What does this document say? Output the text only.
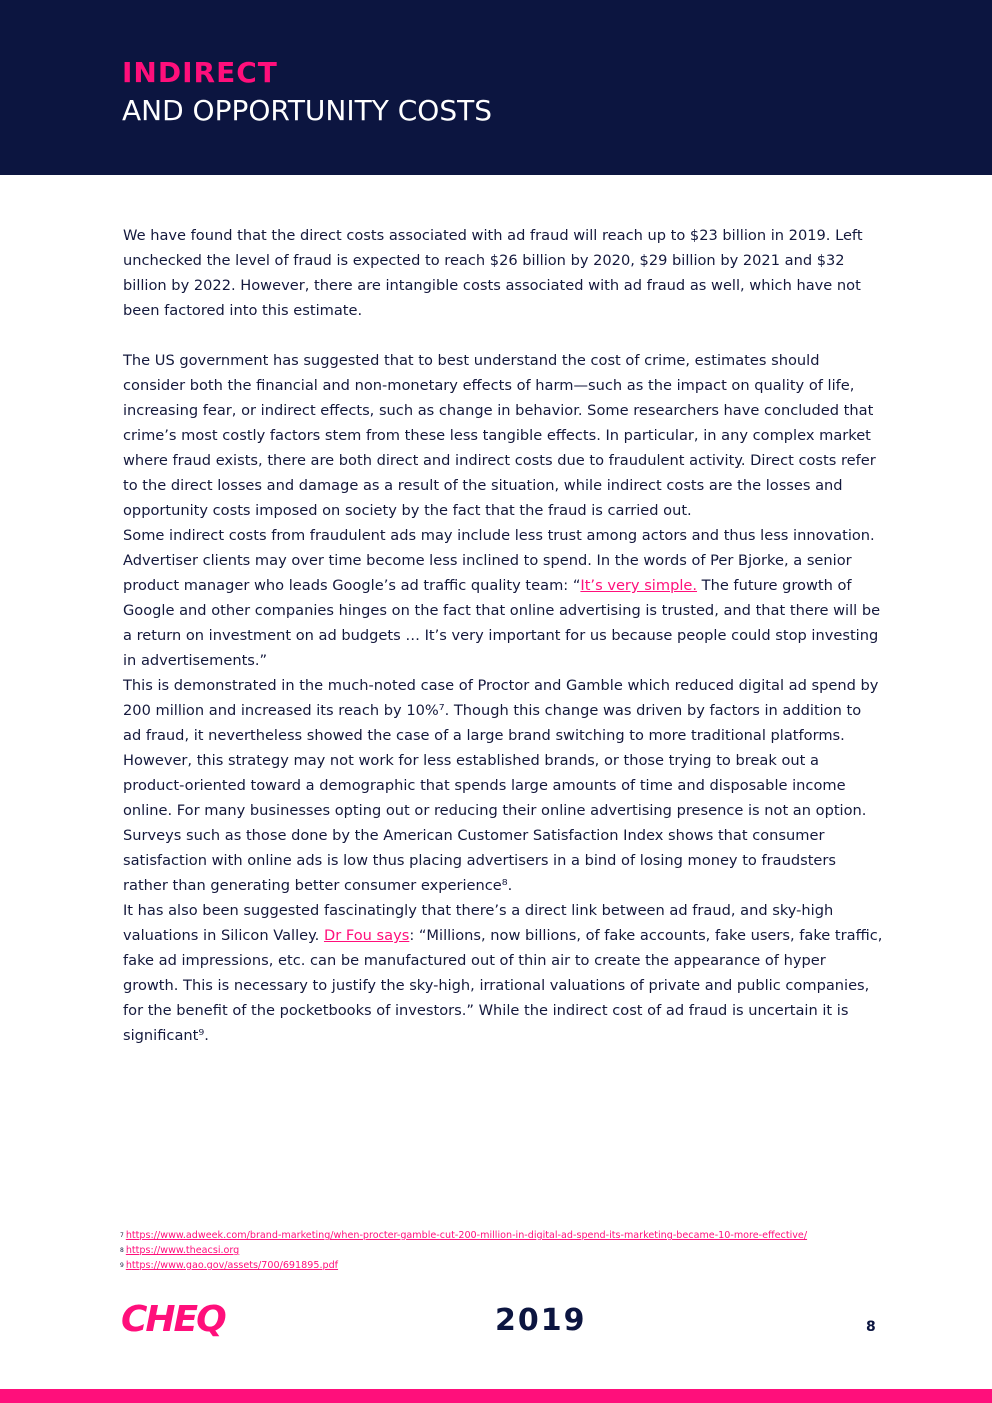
INDIRECT
AND OPPORTUNITY COSTS

We have found that the direct costs associated with ad fraud will reach up to $23 billion in 2019. Left unchecked the level of fraud is expected to reach $26 billion by 2020, $29 billion by 2021 and $32 billion by 2022. However, there are intangible costs associated with ad fraud as well, which have not been factored into this estimate.

The US government has suggested that to best understand the cost of crime, estimates should consider both the financial and non-monetary effects of harm—such as the impact on quality of life, increasing fear, or indirect effects, such as change in behavior. Some researchers have concluded that crime’s most costly factors stem from these less tangible effects. In particular, in any complex market where fraud exists, there are both direct and indirect costs due to fraudulent activity. Direct costs refer to the direct losses and damage as a result of the situation, while indirect costs are the losses and opportunity costs imposed on society by the fact that the fraud is carried out.

Some indirect costs from fraudulent ads may include less trust among actors and thus less innovation. Advertiser clients may over time become less inclined to spend. In the words of Per Bjorke, a senior product manager who leads Google’s ad traffic quality team: “It’s very simple. The future growth of Google and other companies hinges on the fact that online advertising is trusted, and that there will be a return on investment on ad budgets … It’s very important for us because people could stop investing in advertisements.”

This is demonstrated in the much-noted case of Proctor and Gamble which reduced digital ad spend by 200 million and increased its reach by 10%⁷. Though this change was driven by factors in addition to ad fraud, it nevertheless showed the case of a large brand switching to more traditional platforms.

However, this strategy may not work for less established brands, or those trying to break out a product-oriented toward a demographic that spends large amounts of time and disposable income online. For many businesses opting out or reducing their online advertising presence is not an option.

Surveys such as those done by the American Customer Satisfaction Index shows that consumer satisfaction with online ads is low thus placing advertisers in a bind of losing money to fraudsters rather than generating better consumer experience⁸.

It has also been suggested fascinatingly that there’s a direct link between ad fraud, and sky-high valuations in Silicon Valley. Dr Fou says: “Millions, now billions, of fake accounts, fake users, fake traffic, fake ad impressions, etc. can be manufactured out of thin air to create the appearance of hyper growth. This is necessary to justify the sky-high, irrational valuations of private and public companies, for the benefit of the pocketbooks of investors.” While the indirect cost of ad fraud is uncertain it is significant⁹.

$^7$ https://www.adweek.com/brand-marketing/when-procter-gamble-cut-200-million-in-digital-ad-spend-its-marketing-became-10-more-effective/
$^8$ https://www.theacsi.org
$^9$ https://www.gao.gov/assets/700/691895.pdf
CHEQ	2019	8
